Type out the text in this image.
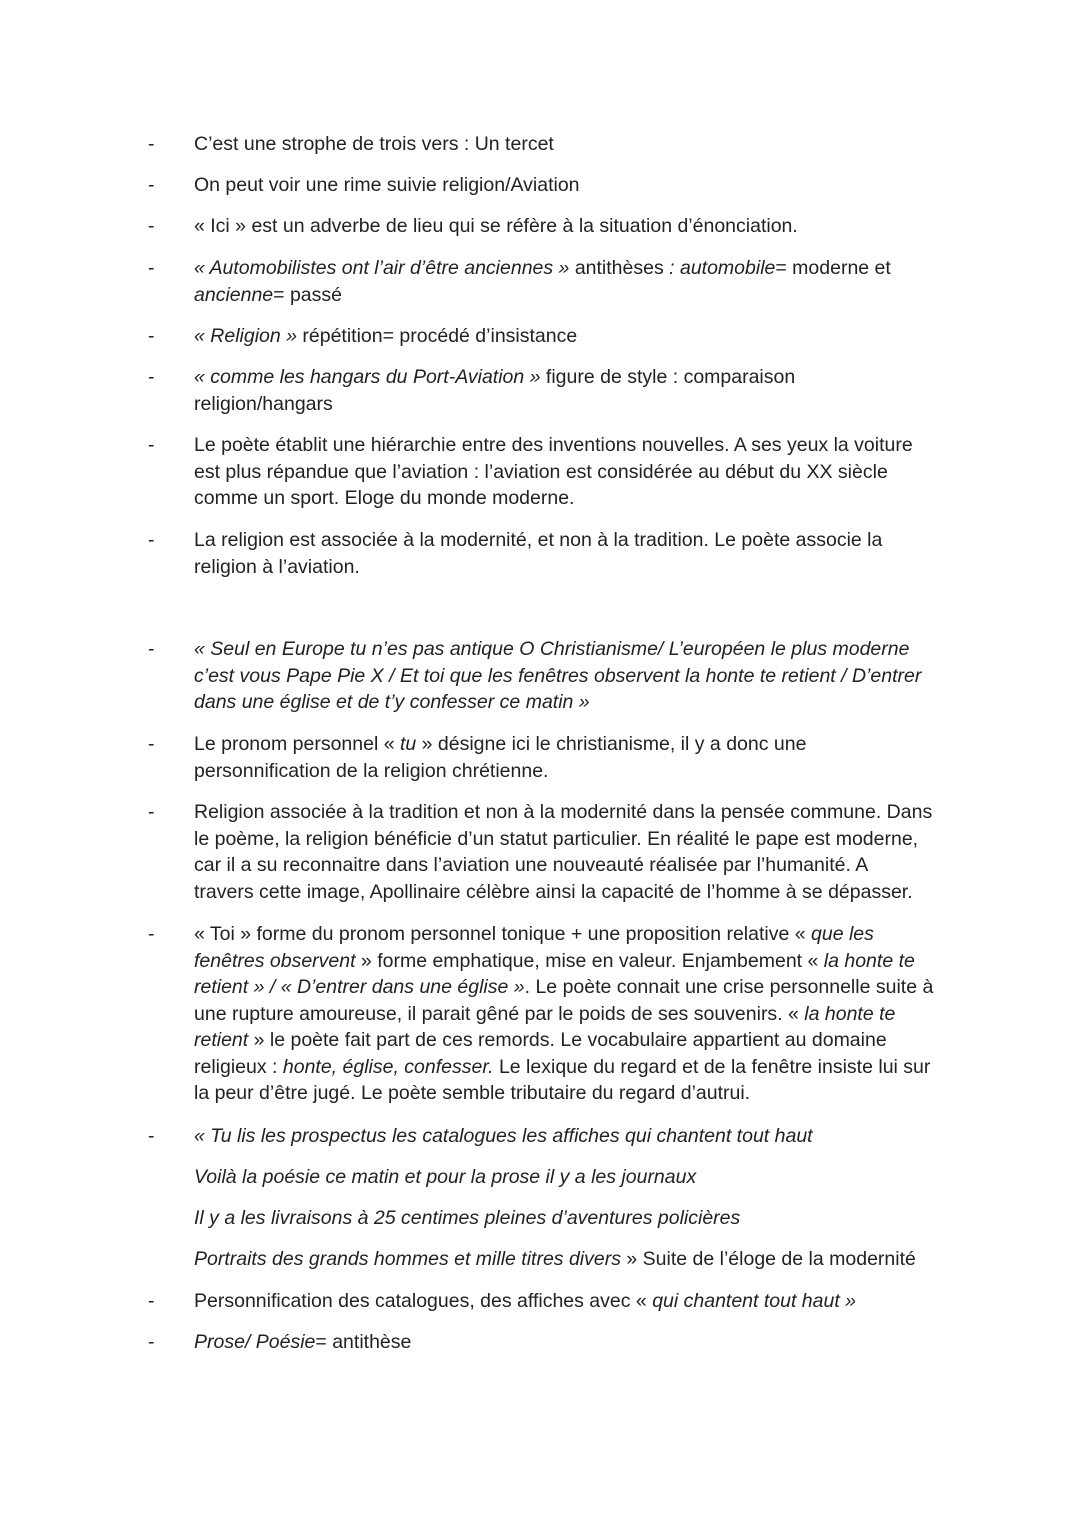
-	C’est une strophe de trois vers : Un tercet
-	On peut voir une rime suivie religion/Aviation
-	« Ici » est un adverbe de lieu qui se réfère à la situation d’énonciation.
-	« Automobilistes ont l’air d’être anciennes » antithèses : automobile= moderne et
ancienne= passé
-	« Religion » répétition= procédé d’insistance
-	« comme les hangars du Port-Aviation » figure de style : comparaison
religion/hangars
-	Le poète établit une hiérarchie entre des inventions nouvelles. A ses yeux la voiture
est plus répandue que l’aviation : l’aviation est considérée au début du XX siècle
comme un sport. Eloge du monde moderne.
-	La religion est associée à la modernité, et non à la tradition. Le poète associe la
religion à l’aviation.
-	« Seul en Europe tu n’es pas antique O Christianisme/ L’européen le plus moderne
c’est vous Pape Pie X / Et toi que les fenêtres observent la honte te retient / D’entrer
dans une église et de t’y confesser ce matin »
-	Le pronom personnel « tu » désigne ici le christianisme, il y a donc une
personnification de la religion chrétienne.
-	Religion associée à la tradition et non à la modernité dans la pensée commune. Dans
le poème, la religion bénéficie d’un statut particulier. En réalité le pape est moderne,
car il a su reconnaitre dans l’aviation une nouveauté réalisée par l’humanité. A
travers cette image, Apollinaire célèbre ainsi la capacité de l’homme à se dépasser.
-	« Toi » forme du pronom personnel tonique + une proposition relative « que les
fenêtres observent » forme emphatique, mise en valeur. Enjambement « la honte te
retient » / « D’entrer dans une église ». Le poète connait une crise personnelle suite à
une rupture amoureuse, il parait gêné par le poids de ses souvenirs. « la honte te
retient » le poète fait part de ces remords. Le vocabulaire appartient au domaine
religieux : honte, église, confesser. Le lexique du regard et de la fenêtre insiste lui sur
la peur d’être jugé. Le poète semble tributaire du regard d’autrui.
-	« Tu lis les prospectus les catalogues les affiches qui chantent tout haut
Voilà la poésie ce matin et pour la prose il y a les journaux
Il y a les livraisons à 25 centimes pleines d’aventures policières
Portraits des grands hommes et mille titres divers » Suite de l’éloge de la modernité
-	Personnification des catalogues, des affiches avec « qui chantent tout haut »
-	Prose/ Poésie= antithèse
